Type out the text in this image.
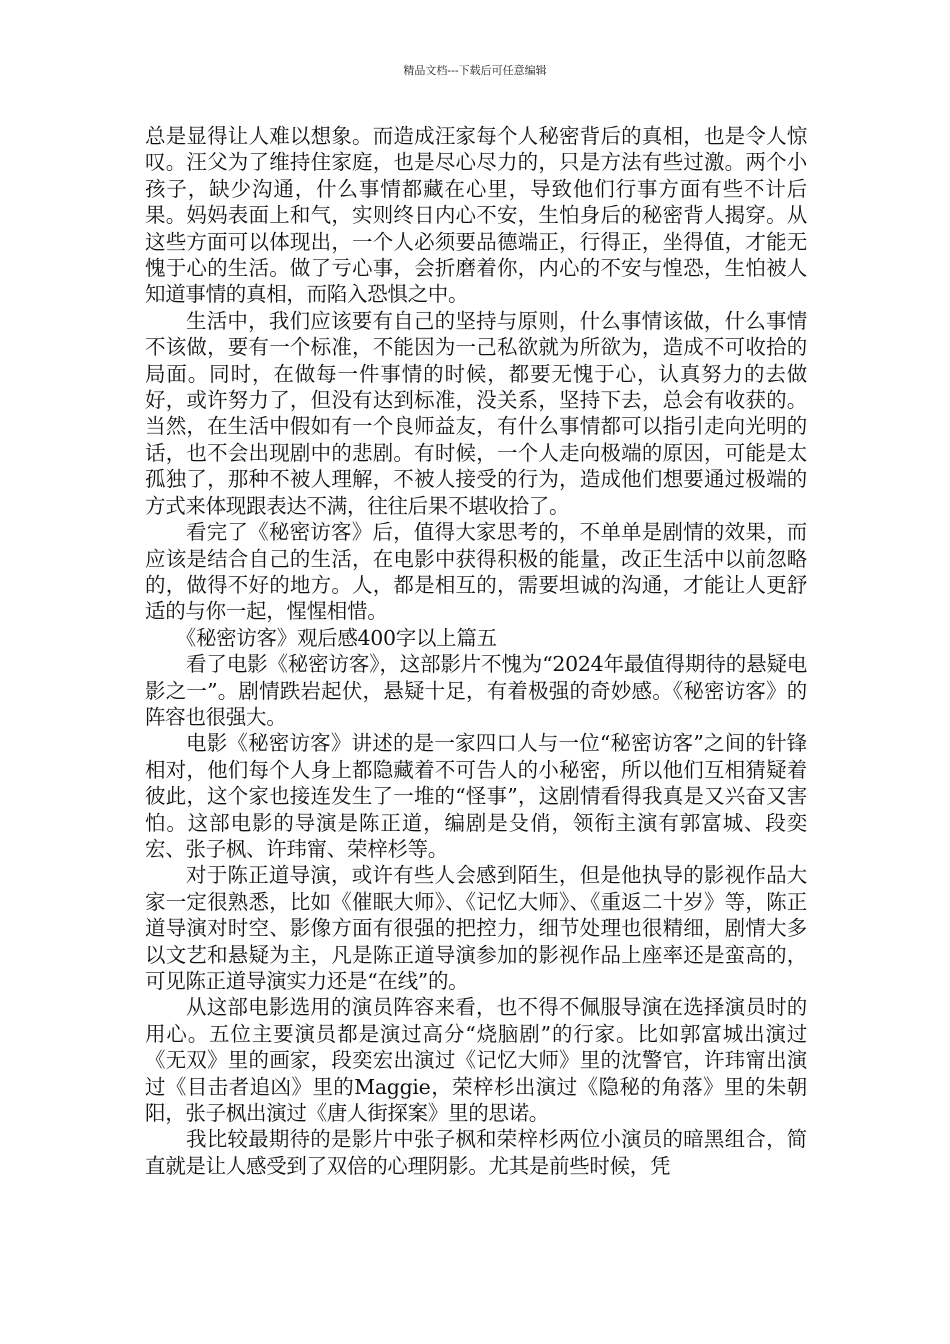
精品文档---下载后可任意编辑

总是显得让人难以想象。而造成汪家每个人秘密背后的真相，也是令人惊叹。汪父为了维持住家庭，也是尽心尽力的，只是方法有些过激。两个小孩子，缺少沟通，什么事情都藏在心里，导致他们行事方面有些不计后果。妈妈表面上和气，实则终日内心不安，生怕身后的秘密背人揭穿。从这些方面可以体现出，一个人必须要品德端正，行得正，坐得值，才能无愧于心的生活。做了亏心事，会折磨着你，内心的不安与惶恐，生怕被人知道事情的真相，而陷入恐惧之中。

生活中，我们应该要有自己的坚持与原则，什么事情该做，什么事情不该做，要有一个标准，不能因为一己私欲就为所欲为，造成不可收拾的局面。同时，在做每一件事情的时候，都要无愧于心，认真努力的去做好，或许努力了，但没有达到标准，没关系，坚持下去，总会有收获的。当然，在生活中假如有一个良师益友，有什么事情都可以指引走向光明的话，也不会出现剧中的悲剧。有时候，一个人走向极端的原因，可能是太孤独了，那种不被人理解，不被人接受的行为，造成他们想要通过极端的方式来体现跟表达不满，往往后果不堪收拾了。

看完了《秘密访客》后，值得大家思考的，不单单是剧情的效果，而应该是结合自己的生活，在电影中获得积极的能量，改正生活中以前忽略的，做得不好的地方。人，都是相互的，需要坦诚的沟通，才能让人更舒适的与你一起，惺惺相惜。

《秘密访客》观后感400字以上篇五

看了电影《秘密访客》，这部影片不愧为“2024年最值得期待的悬疑电影之一”。剧情跌岩起伏，悬疑十足，有着极强的奇妙感。《秘密访客》的阵容也很强大。

电影《秘密访客》讲述的是一家四口人与一位“秘密访客”之间的针锋相对，他们每个人身上都隐藏着不可告人的小秘密，所以他们互相猜疑着彼此，这个家也接连发生了一堆的“怪事”，这剧情看得我真是又兴奋又害怕。这部电影的导演是陈正道，编剧是殳俏，领衔主演有郭富城、段奕宏、张子枫、许玮甯、荣梓杉等。

对于陈正道导演，或许有些人会感到陌生，但是他执导的影视作品大家一定很熟悉，比如《催眠大师》、《记忆大师》、《重返二十岁》等，陈正道导演对时空、影像方面有很强的把控力，细节处理也很精细，剧情大多以文艺和悬疑为主，凡是陈正道导演参加的影视作品上座率还是蛮高的，可见陈正道导演实力还是“在线”的。

从这部电影选用的演员阵容来看，也不得不佩服导演在选择演员时的用心。五位主要演员都是演过高分“烧脑剧”的行家。比如郭富城出演过《无双》里的画家，段奕宏出演过《记忆大师》里的沈警官，许玮甯出演过《目击者追凶》里的Maggie，荣梓杉出演过《隐秘的角落》里的朱朝阳，张子枫出演过《唐人街探案》里的思诺。

我比较最期待的是影片中张子枫和荣梓杉两位小演员的暗黑组合，简直就是让人感受到了双倍的心理阴影。尤其是前些时候，凭
